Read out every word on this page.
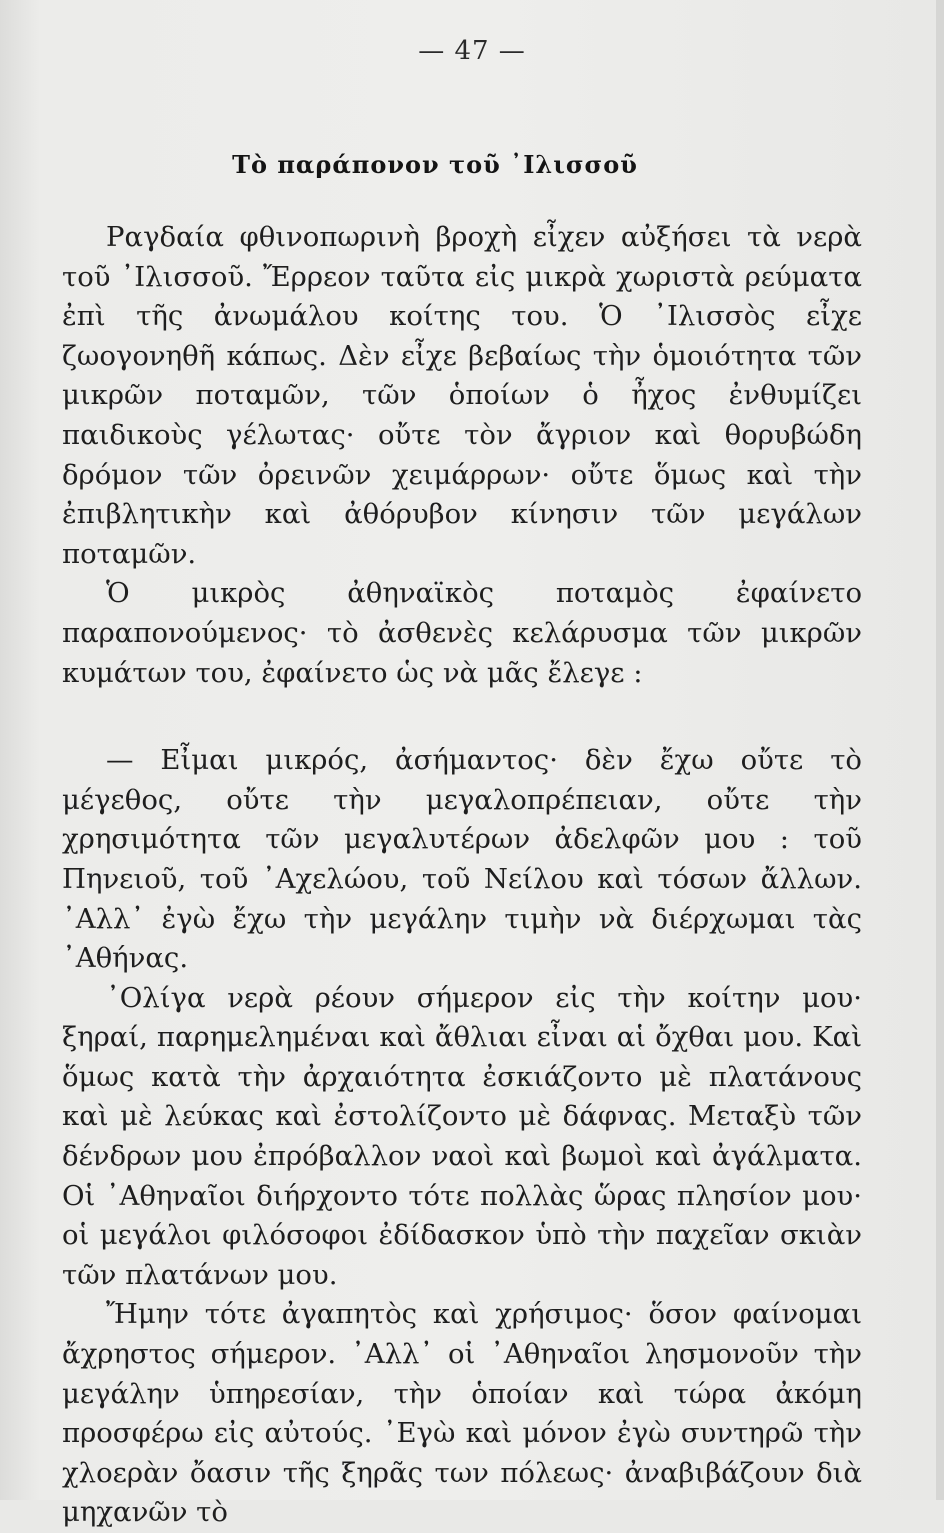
— 47 —
Τὸ παράπονον τοῦ ᾿Ιλισσοῦ

Ραγδαία φθινοπωρινὴ βροχὴ εἶχεν αὐξήσει τὰ νερὰ τοῦ ᾿Ιλισσοῦ. Ἔρρεον ταῦτα εἰς μικρὰ χωριστὰ ρεύματα ἐπὶ τῆς ἀνωμάλου κοίτης του. Ὁ ᾿Ιλισσὸς εἶχε ζωογονηθῆ κάπως. Δὲν εἶχε βεβαίως τὴν ὁμοιότητα τῶν μικρῶν ποταμῶν, τῶν ὁποίων ὁ ἦχος ἐνθυμίζει παιδικοὺς γέλωτας· οὔτε τὸν ἄγριον καὶ θορυβώδη δρόμον τῶν ὀρεινῶν χειμάρρων· οὔτε ὅμως καὶ τὴν ἐπιβλητικὴν καὶ ἀθόρυβον κίνησιν τῶν μεγάλων ποταμῶν.

Ὁ μικρὸς ἀθηναϊκὸς ποταμὸς ἐφαίνετο παραπονούμενος· τὸ ἀσθενὲς κελάρυσμα τῶν μικρῶν κυμάτων του, ἐφαίνετο ὡς νὰ μᾶς ἔλεγε :

— Εἶμαι μικρός, ἀσήμαντος· δὲν ἔχω οὔτε τὸ μέγεθος, οὔτε τὴν μεγαλοπρέπειαν, οὔτε τὴν χρησιμότητα τῶν μεγαλυτέρων ἀδελφῶν μου : τοῦ Πηνειοῦ, τοῦ ᾿Αχελώου, τοῦ Νείλου καὶ τόσων ἄλλων. ᾿Αλλ᾿ ἐγὼ ἔχω τὴν μεγάλην τιμὴν νὰ διέρχωμαι τὰς ᾿Αθήνας.

᾿Ολίγα νερὰ ρέουν σήμερον εἰς τὴν κοίτην μου· ξηραί, παρημελημέναι καὶ ἄθλιαι εἶναι αἱ ὄχθαι μου. Καὶ ὅμως κατὰ τὴν ἀρχαιότητα ἐσκιάζοντο μὲ πλατάνους καὶ μὲ λεύκας καὶ ἐστολίζοντο μὲ δάφνας. Μεταξὺ τῶν δένδρων μου ἐπρόβαλλον ναοὶ καὶ βωμοὶ καὶ ἀγάλματα. Οἱ ᾿Αθηναῖοι διήρχοντο τότε πολλὰς ὥρας πλησίον μου· οἱ μεγάλοι φιλόσοφοι ἐδίδασκον ὑπὸ τὴν παχεῖαν σκιὰν τῶν πλατάνων μου.

Ἤμην τότε ἀγαπητὸς καὶ χρήσιμος· ὅσον φαίνομαι ἄχρηστος σήμερον. ᾿Αλλ᾿ οἱ ᾿Αθηναῖοι λησμονοῦν τὴν μεγάλην ὑπηρεσίαν, τὴν ὁποίαν καὶ τώρα ἀκόμη προσφέρω εἰς αὐτούς. ᾿Εγὼ καὶ μόνον ἐγὼ συντηρῶ τὴν χλοερὰν ὄασιν τῆς ξηρᾶς των πόλεως· ἀναβιβάζουν διὰ μηχανῶν τὸ
